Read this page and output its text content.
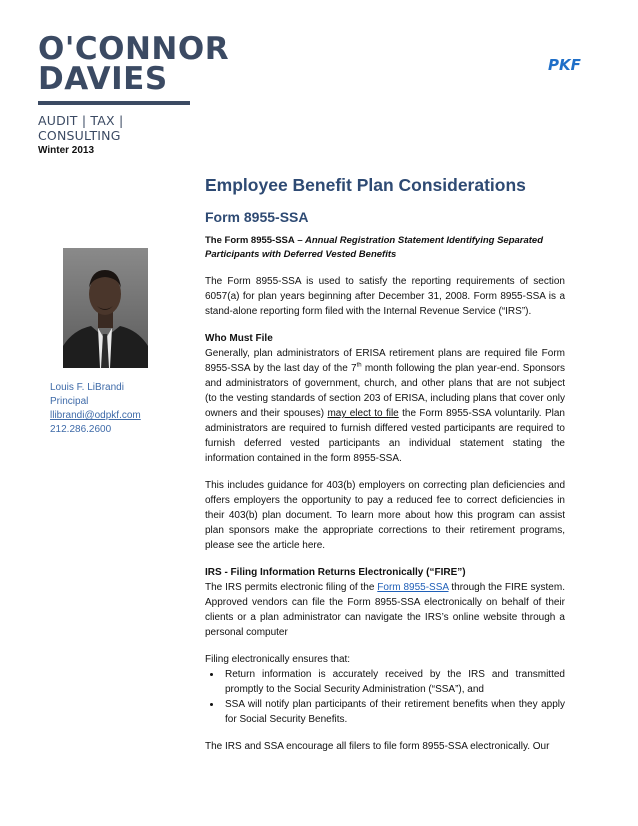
O'CONNOR
DAVIES
AUDIT | TAX | CONSULTING
PKF
Winter 2013
Louis F. LiBrandi
Principal
llibrandi@odpkf.com
212.286.2600
Employee Benefit Plan Considerations
Form 8955-SSA
The Form 8955-SSA – Annual Registration Statement Identifying Separated Participants with Deferred Vested Benefits

The Form 8955-SSA is used to satisfy the reporting requirements of section 6057(a) for plan years beginning after December 31, 2008. Form 8955-SSA is a stand-alone reporting form filed with the Internal Revenue Service (“IRS”).

Who Must File
Generally, plan administrators of ERISA retirement plans are required file Form 8955-SSA by the last day of the 7th month following the plan year-end. Sponsors and administrators of government, church, and other plans that are not subject (to the vesting standards of section 203 of ERISA, including plans that cover only owners and their spouses) may elect to file the Form 8955-SSA voluntarily. Plan administrators are required to furnish differed vested participants are required to furnish deferred vested participants an individual statement stating the information contained in the form 8955-SSA.

This includes guidance for 403(b) employers on correcting plan deficiencies and offers employers the opportunity to pay a reduced fee to correct deficiencies in their 403(b) plan document. To learn more about how this program can assist plan sponsors make the appropriate corrections to their retirement programs, please see the article here.

IRS - Filing Information Returns Electronically (“FIRE”)
The IRS permits electronic filing of the Form 8955-SSA through the FIRE system. Approved vendors can file the Form 8955-SSA electronically on behalf of their clients or a plan administrator can navigate the IRS’s online website through a personal computer

Filing electronically ensures that:
• Return information is accurately received by the IRS and transmitted promptly to the Social Security Administration (“SSA”), and
• SSA will notify plan participants of their retirement benefits when they apply for Social Security Benefits.

The IRS and SSA encourage all filers to file form 8955-SSA electronically. Our
